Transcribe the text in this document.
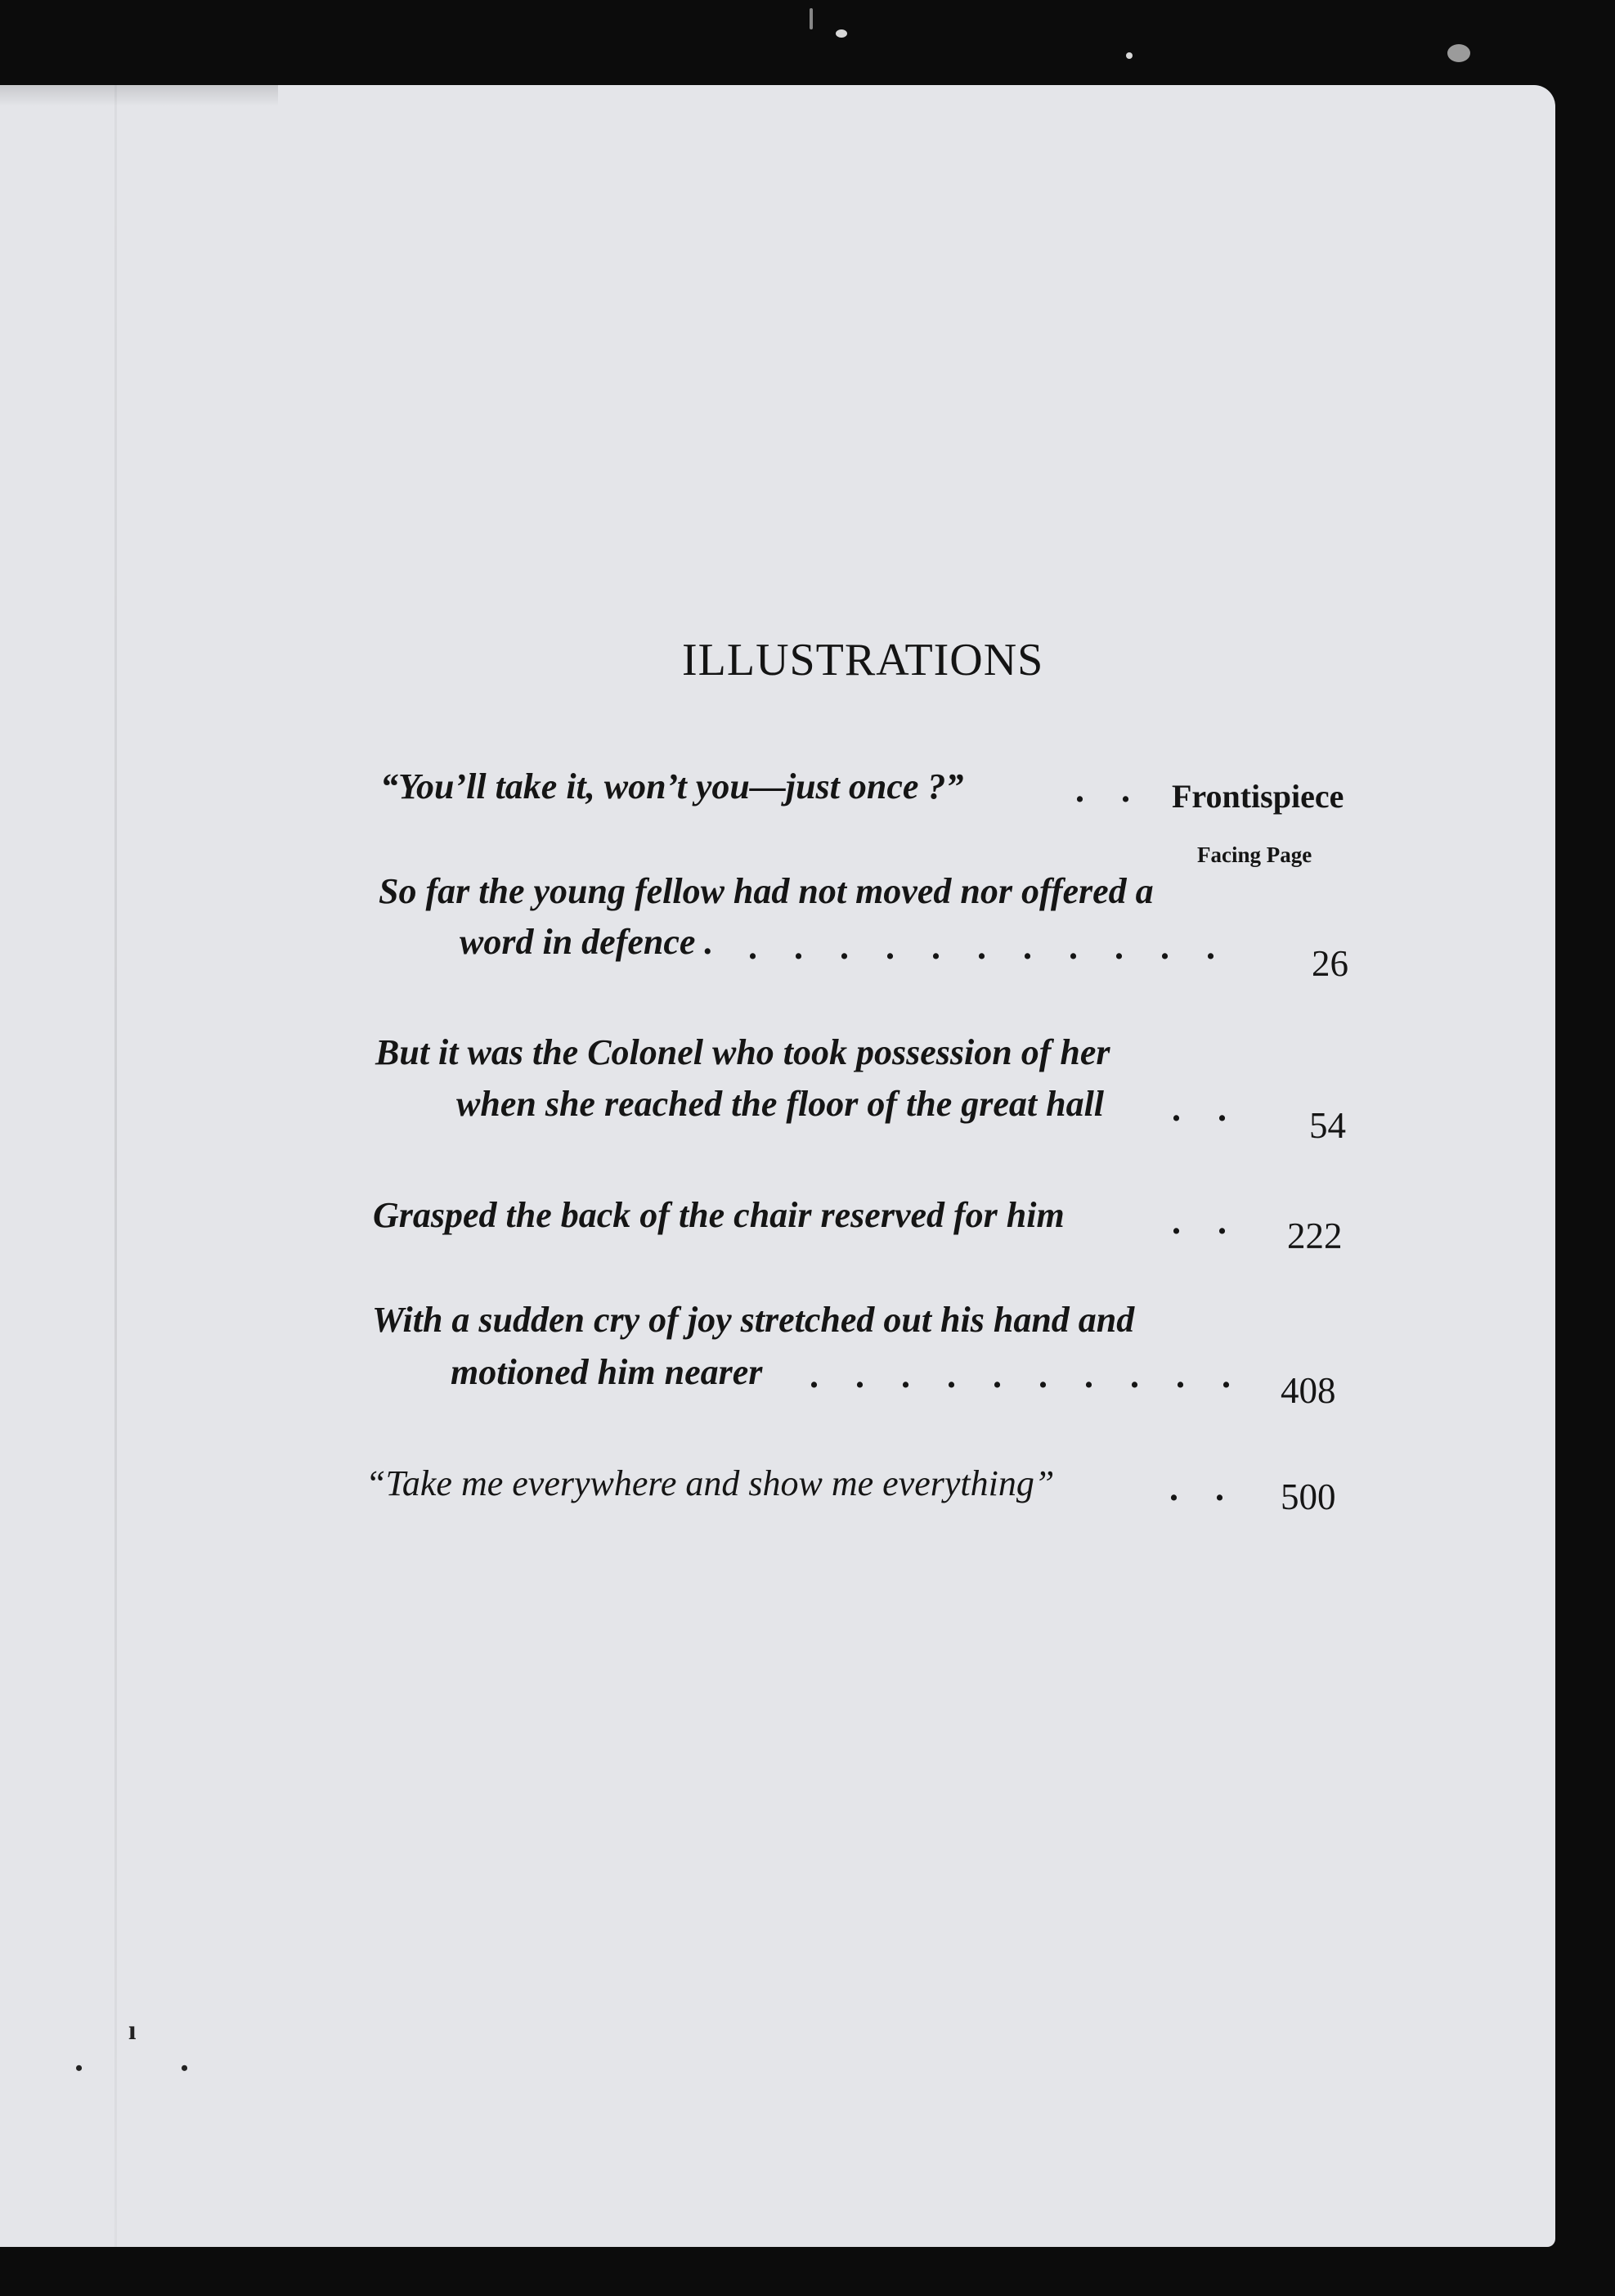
ILLUSTRATIONS
“You’ll take it, won’t you—just once ?”	. . Frontispiece
Facing Page
So far the young fellow had not moved nor offered a
word in defence . . . . . . . . . . . . 26
But it was the Colonel who took possession of her
when she reached the floor of the great hall . . 54
Grasped the back of the chair reserved for him	. . 222
With a sudden cry of joy stretched out his hand and
motioned him nearer . . . . . . . . . . 408
“Take me everywhere and show me everything”	. . 500
ı
•	•
